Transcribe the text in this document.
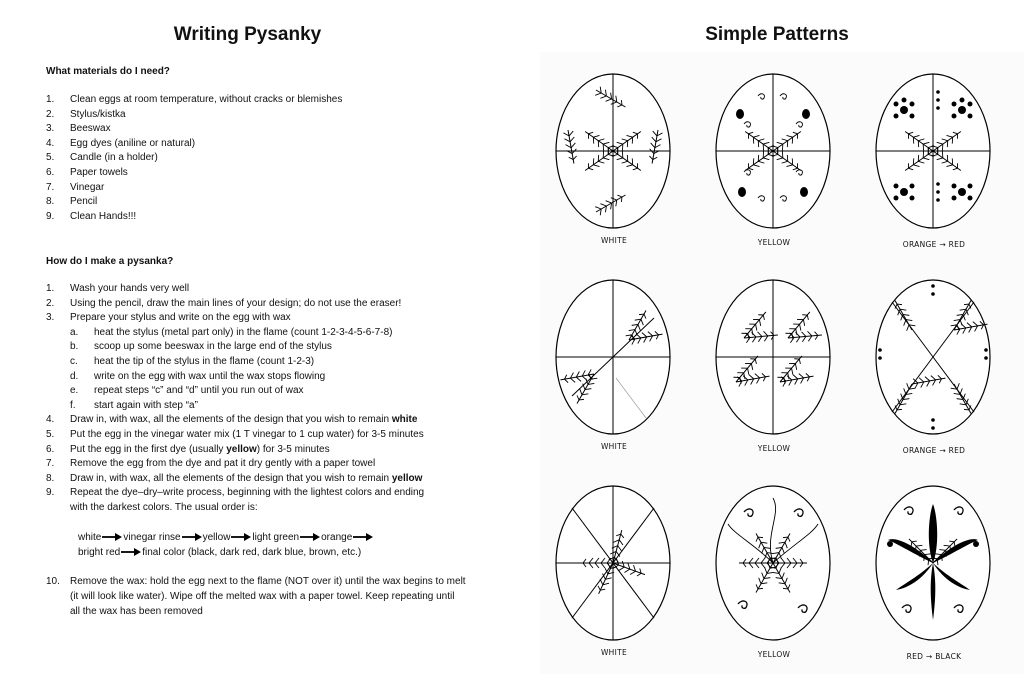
Writing Pysanky
What materials do I need?
1. Clean eggs at room temperature, without cracks or blemishes
2. Stylus/kistka
3. Beeswax
4. Egg dyes (aniline or natural)
5. Candle (in a holder)
6. Paper towels
7. Vinegar
8. Pencil
9. Clean Hands!!!
How do I make a pysanka?
1. Wash your hands very well
2. Using the pencil, draw the main lines of your design; do not use the eraser!
3. Prepare your stylus and write on the egg with wax
a. heat the stylus (metal part only) in the flame (count 1-2-3-4-5-6-7-8)
b. scoop up some beeswax in the large end of the stylus
c. heat the tip of the stylus in the flame (count 1-2-3)
d. write on the egg with wax until the wax stops flowing
e. repeat steps “c” and “d” until you run out of wax
f. start again with step “a”
4. Draw in, with wax, all the elements of the design that you wish to remain white
5. Put the egg in the vinegar water mix (1 T vinegar to 1 cup water) for 3-5 minutes
6. Put the egg in the first dye (usually yellow) for 3-5 minutes
7. Remove the egg from the dye and pat it dry gently with a paper towel
8. Draw in, with wax, all the elements of the design that you wish to remain yellow
9. Repeat the dye–dry–write process, beginning with the lightest colors and ending
with the darkest colors. The usual order is:
white vinegar rinse yellow light green orange
bright red final color (black, dark red, dark blue, brown, etc.)
10.	Remove the wax: hold the egg next to the flame (NOT over it) until the wax begins to melt (it will look like water). Wipe off the melted wax with a paper towel. Keep repeating until all the wax has been removed
Simple Patterns
WHITE	YELLOW	ORANGE → RED
WHITE	YELLOW	ORANGE → RED
WHITE	YELLOW	RED → BLACK
